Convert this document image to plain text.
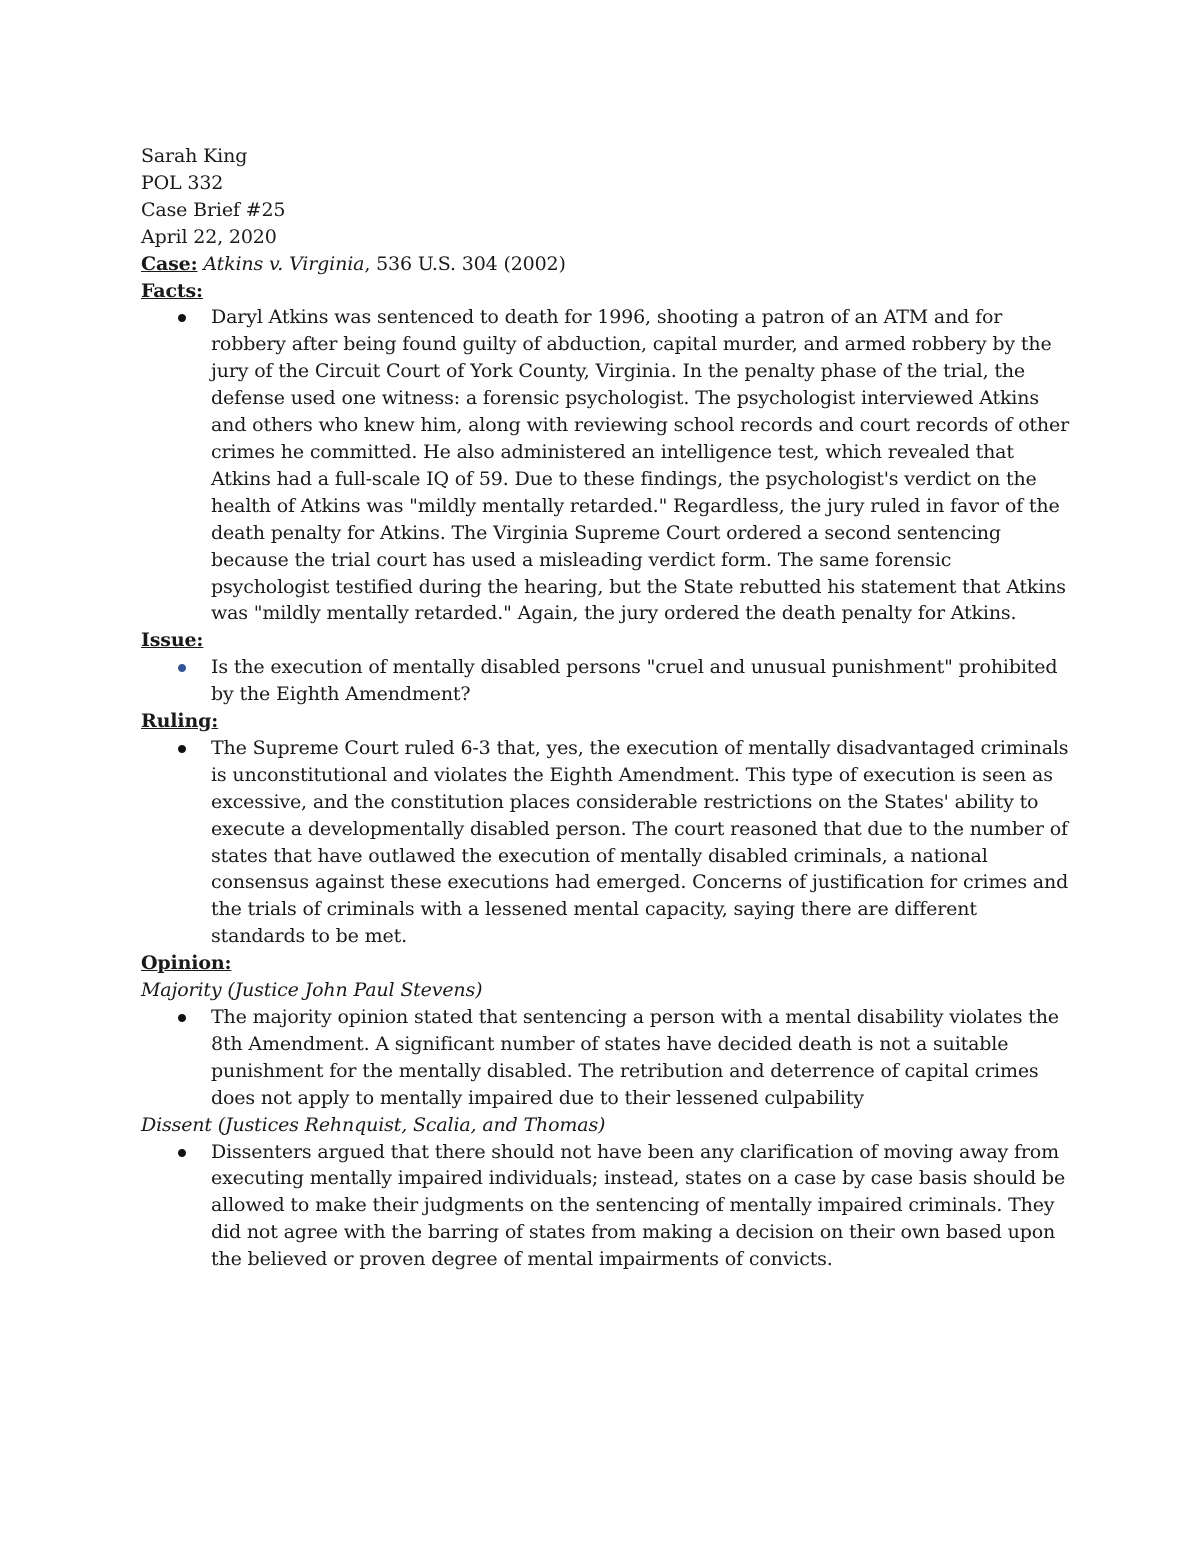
Sarah King
POL 332
Case Brief #25
April 22, 2020
Case: Atkins v. Virginia, 536 U.S. 304 (2002)
Facts:
Daryl Atkins was sentenced to death for 1996, shooting a patron of an ATM and for robbery after being found guilty of abduction, capital murder, and armed robbery by the jury of the Circuit Court of York County, Virginia. In the penalty phase of the trial, the defense used one witness: a forensic psychologist. The psychologist interviewed Atkins and others who knew him, along with reviewing school records and court records of other crimes he committed. He also administered an intelligence test, which revealed that Atkins had a full-scale IQ of 59. Due to these findings, the psychologist's verdict on the health of Atkins was "mildly mentally retarded." Regardless, the jury ruled in favor of the death penalty for Atkins. The Virginia Supreme Court ordered a second sentencing because the trial court has used a misleading verdict form. The same forensic psychologist testified during the hearing, but the State rebutted his statement that Atkins was "mildly mentally retarded." Again, the jury ordered the death penalty for Atkins.
Issue:
Is the execution of mentally disabled persons "cruel and unusual punishment" prohibited by the Eighth Amendment?
Ruling:
The Supreme Court ruled 6-3 that, yes, the execution of mentally disadvantaged criminals is unconstitutional and violates the Eighth Amendment. This type of execution is seen as excessive, and the constitution places considerable restrictions on the States' ability to execute a developmentally disabled person. The court reasoned that due to the number of states that have outlawed the execution of mentally disabled criminals, a national consensus against these executions had emerged. Concerns of justification for crimes and the trials of criminals with a lessened mental capacity, saying there are different standards to be met.
Opinion:
Majority (Justice John Paul Stevens)
The majority opinion stated that sentencing a person with a mental disability violates the 8th Amendment. A significant number of states have decided death is not a suitable punishment for the mentally disabled. The retribution and deterrence of capital crimes does not apply to mentally impaired due to their lessened culpability
Dissent (Justices Rehnquist, Scalia, and Thomas)
Dissenters argued that there should not have been any clarification of moving away from executing mentally impaired individuals; instead, states on a case by case basis should be allowed to make their judgments on the sentencing of mentally impaired criminals. They did not agree with the barring of states from making a decision on their own based upon the believed or proven degree of mental impairments of convicts.
